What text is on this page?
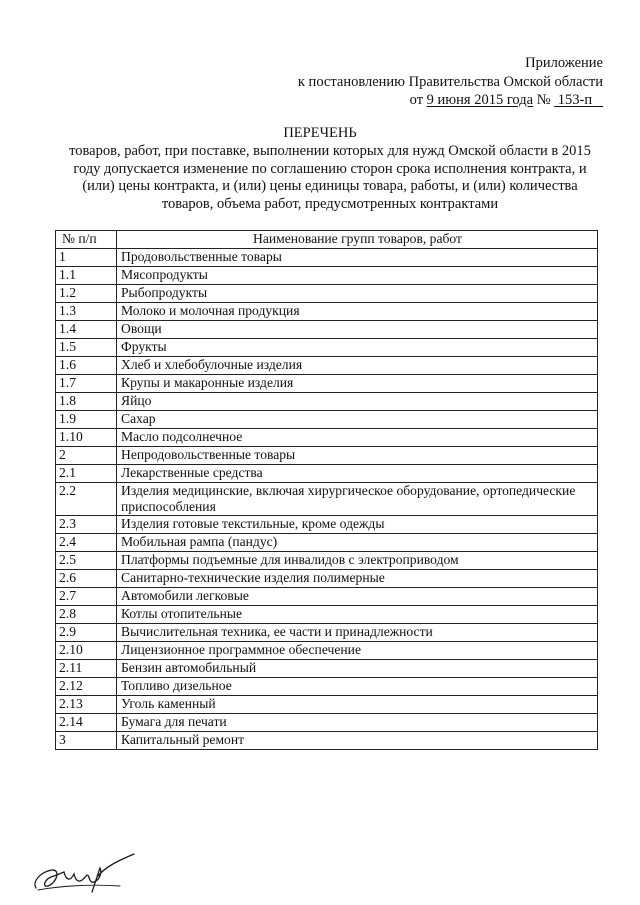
Приложение
к постановлению Правительства Омской области
от 9 июня 2015 года № 153-п
ПЕРЕЧЕНЬ
товаров, работ, при поставке, выполнении которых для нужд Омской области в 2015 году допускается изменение по соглашению сторон срока исполнения контракта, и (или) цены контракта, и (или) цены единицы товара, работы, и (или) количества товаров, объема работ, предусмотренных контрактами
№ п/п	Наименование групп товаров, работ
1	Продовольственные товары
1.1	Мясопродукты
1.2	Рыбопродукты
1.3	Молоко и молочная продукция
1.4	Овощи
1.5	Фрукты
1.6	Хлеб и хлебобулочные изделия
1.7	Крупы и макаронные изделия
1.8	Яйцо
1.9	Сахар
1.10	Масло подсолнечное
2	Непродовольственные товары
2.1	Лекарственные средства
2.2	Изделия медицинские, включая хирургическое оборудование, ортопедические приспособления
2.3	Изделия готовые текстильные, кроме одежды
2.4	Мобильная рампа (пандус)
2.5	Платформы подъемные для инвалидов с электроприводом
2.6	Санитарно-технические изделия полимерные
2.7	Автомобили легковые
2.8	Котлы отопительные
2.9	Вычислительная техника, ее части и принадлежности
2.10	Лицензионное программное обеспечение
2.11	Бензин автомобильный
2.12	Топливо дизельное
2.13	Уголь каменный
2.14	Бумага для печати
3	Капитальный ремонт
